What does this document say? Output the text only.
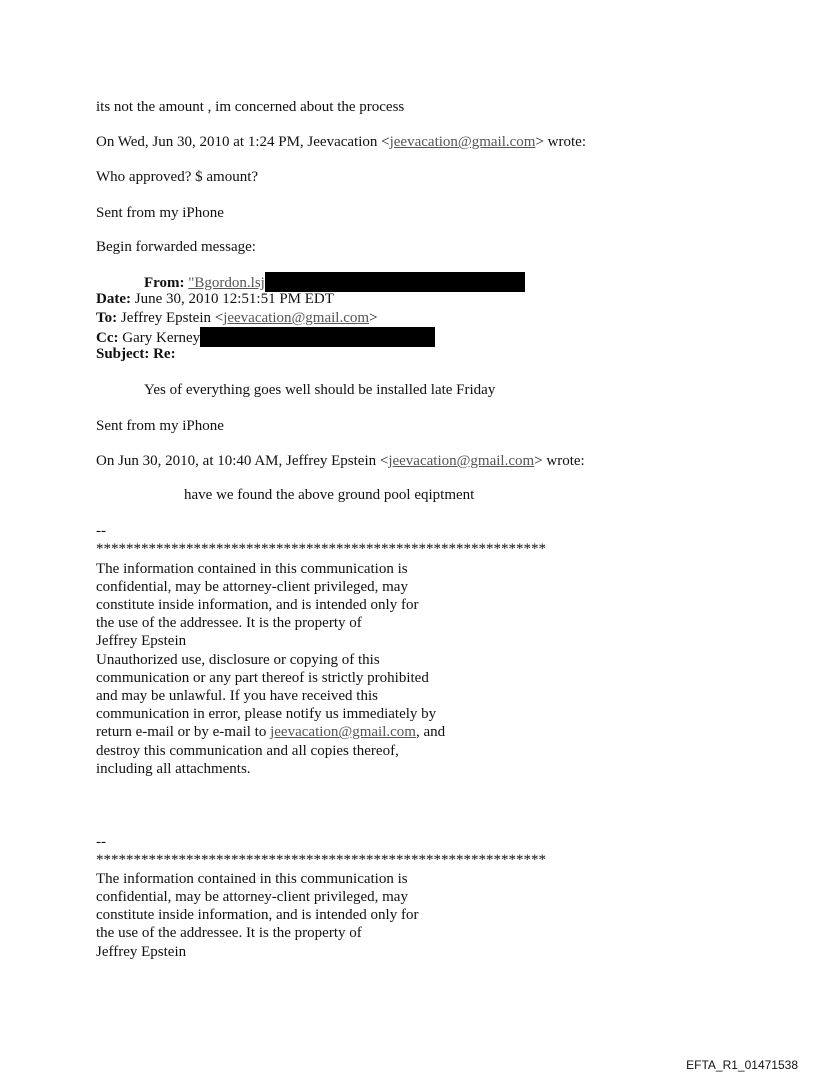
its not the amount , im concerned about the process
On Wed, Jun 30, 2010 at 1:24 PM, Jeevacation <jeevacation@gmail.com> wrote:
Who approved? $ amount?
Sent from my iPhone
Begin forwarded message:
From: "Bgordon.lsj
Date: June 30, 2010 12:51:51 PM EDT
To: Jeffrey Epstein <jeevacation@gmail.com>
Cc: Gary Kerney
Subject: Re:
Yes of everything goes well should be installed late Friday
Sent from my iPhone
On Jun 30, 2010, at 10:40 AM, Jeffrey Epstein <jeevacation@gmail.com> wrote:
have we found the above ground pool eqiptment
--
************************************************************
The information contained in this communication is
confidential, may be attorney-client privileged, may
constitute inside information, and is intended only for
the use of the addressee. It is the property of
Jeffrey Epstein
Unauthorized use, disclosure or copying of this
communication or any part thereof is strictly prohibited
and may be unlawful. If you have received this
communication in error, please notify us immediately by
return e-mail or by e-mail to jeevacation@gmail.com, and
destroy this communication and all copies thereof,
including all attachments.
--
************************************************************
The information contained in this communication is
confidential, may be attorney-client privileged, may
constitute inside information, and is intended only for
the use of the addressee. It is the property of
Jeffrey Epstein
EFTA_R1_01471538
